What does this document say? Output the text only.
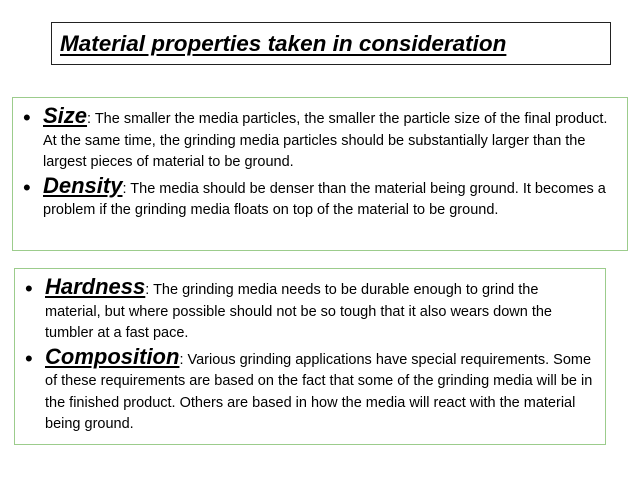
Material properties taken in consideration
• Size: The smaller the media particles, the smaller the particle size of the final product. At the same time, the grinding media particles should be substantially larger than the largest pieces of material to be ground.
• Density: The media should be denser than the material being ground. It becomes a problem if the grinding media floats on top of the material to be ground.
• Hardness: The grinding media needs to be durable enough to grind the material, but where possible should not be so tough that it also wears down the tumbler at a fast pace.
• Composition: Various grinding applications have special requirements. Some of these requirements are based on the fact that some of the grinding media will be in the finished product. Others are based in how the media will react with the material being ground.
